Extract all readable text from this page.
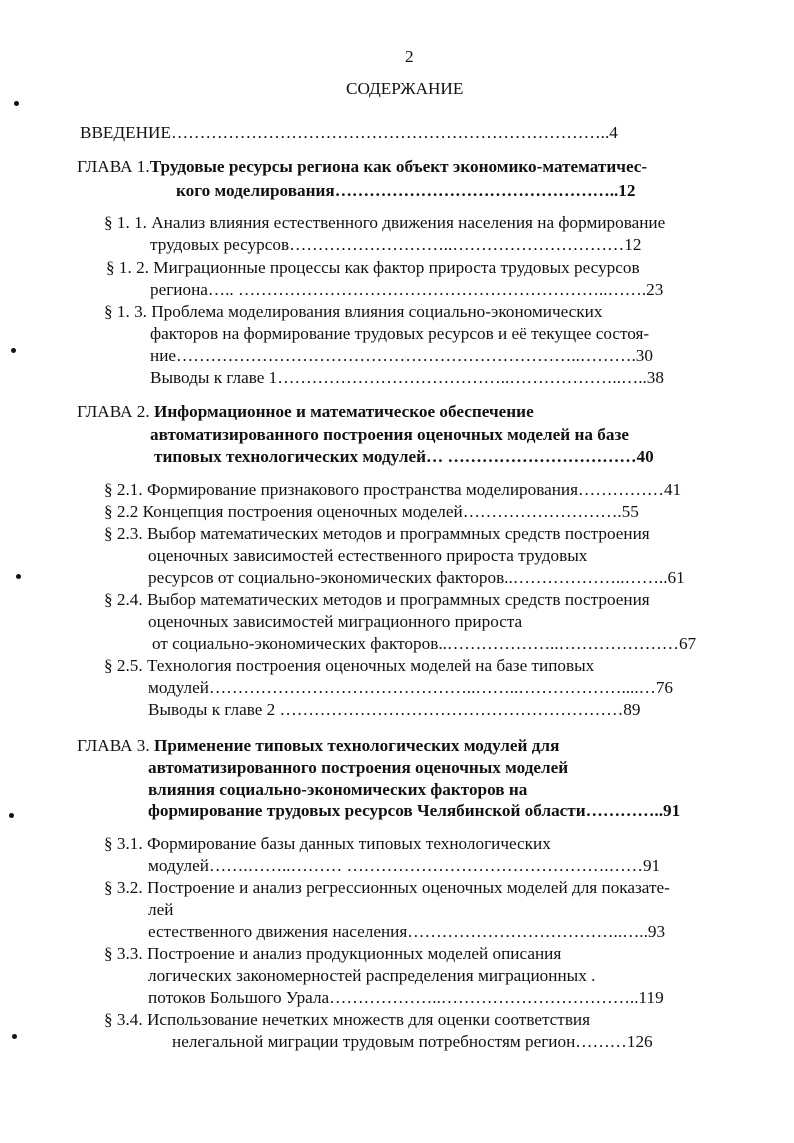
2
СОДЕРЖАНИЕ
ВВЕДЕНИЕ…………………………………………………………………..4
ГЛАВА 1.Трудовые ресурсы региона как объект экономико-математичес-
кого моделирования…………………………………………..12
§ 1. 1. Анализ влияния естественного движения населения на формирование
трудовых ресурсов………………………..…………………………12
§ 1. 2. Миграционные процессы как фактор прироста трудовых ресурсов
региона….. ………………………………………………………..…….23
§ 1. 3. Проблема моделирования влияния социально-экономических
факторов на формирование трудовых ресурсов и её текущее состоя-
ние……………………………………………………………..……….30
Выводы к главе 1…………………………………..………………..…..38
ГЛАВА 2. Информационное и математическое обеспечение
автоматизированного построения оценочных моделей на базе
типовых технологических модулей… ……………………………40
§ 2.1. Формирование признакового пространства моделирования……………41
§ 2.2 Концепция построения оценочных моделей……………………….55
§ 2.3. Выбор математических методов и программных средств построения
оценочных зависимостей естественного прироста трудовых
ресурсов от социально-экономических факторов..………………..……..61
§ 2.4. Выбор математических методов и программных средств построения
оценочных зависимостей миграционного прироста
от социально-экономических факторов..………………..…………………67
§ 2.5. Технология построения оценочных моделей на базе типовых
модулей………………………………………..……..………………....…76
Выводы к главе 2 ……………………………………………………89
ГЛАВА 3. Применение типовых технологических модулей для
автоматизированного построения оценочных моделей
влияния социально-экономических факторов на
формирование трудовых ресурсов Челябинской области…………..91
§ 3.1. Формирование базы данных типовых технологических
модулей…….……..……… ……………………………………….……91
§ 3.2. Построение и анализ регрессионных оценочных моделей для показате-
лей
естественного движения населения………………………………..…..93
§ 3.3. Построение и анализ продукционных моделей описания
логических закономерностей распределения миграционных .
потоков Большого Урала………………..……………………………..119
§ 3.4. Использование нечетких множеств для оценки соответствия
нелегальной миграции трудовым потребностям регион………126
